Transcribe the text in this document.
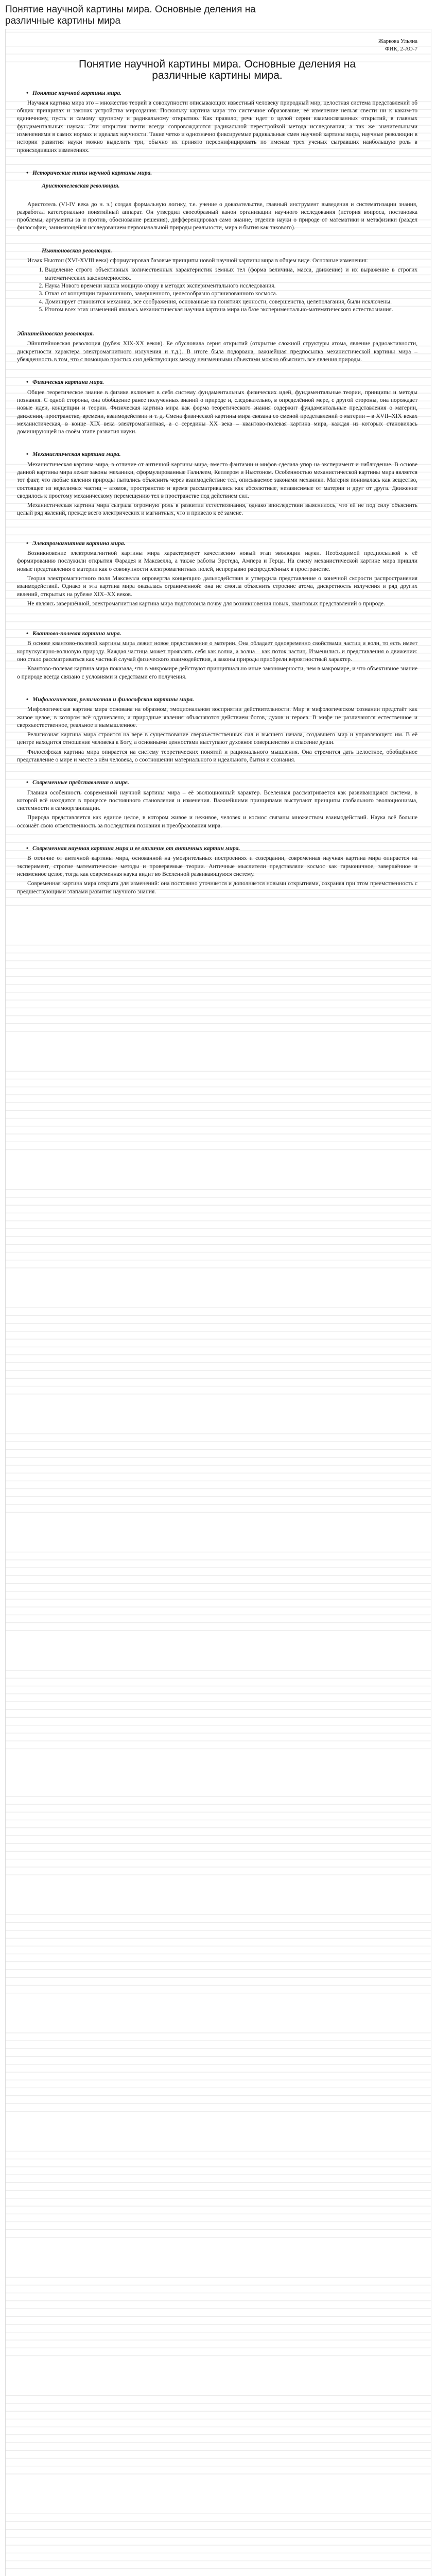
Понятие научной картины мира. Основные деления на различные картины мира
Жаркова Ульяна
ФИК, 2-АО-7
Понятие научной картины мира. Основные деления на различные картины мира.
• Понятие научной картины мира.

Научная картина мира это – множество теорий в совокупности описывающих известный человеку природный мир, целостная система представлений об общих принципах и законах устройства мироздания. Поскольку картина мира это системное образование, её изменение нельзя свести ни к каким-то единичному, пусть и самому крупному и радикальному открытию. Как правило, речь идет о целой серии взаимосвязанных открытий, в главных фундаментальных науках. Эти открытия почти всегда сопровождаются радикальной перестройкой метода исследования, а так же значительными изменениями в самих нормах и идеалах научности. Такие четко и однозначно фиксируемые радикальные смен научной картины мира, научные революции в истории развития науки можно выделить три, обычно их принято персонифицировать по именам трех ученых сыгравших наибольшую роль в происходивших изменениях.

• Исторические типы научной картины мира.
Аристотелевская революция.

Аристотель (VI-IV века до н. э.) создал формальную логику, т.е. учение о доказательстве, главный инструмент выведения и систематизации знания, разработал категориально понятийный аппарат. Он утвердил своеобразный канон организации научного исследования (история вопроса, постановка проблемы, аргументы за и против, обоснование решения), дифференцировал само знание, отделив науки о природе от математики и метафизики (раздел философии, занимающейся исследованием первоначальной природы реальности, мира и бытия как такового).

Ньютоновская революция.

Исаак Ньютон (XVI-XVIII века) сформулировал базовые принципы новой научной картины мира в общем виде. Основные изменения:

1. Выделение строго объективных количественных характеристик земных тел (форма величина, масса, движение) и их выражение в строгих математических закономерностях.
2. Наука Нового времени нашла мощную опору в методах экспериментального исследования.
3. Отказ от концепции гармоничного, завершенного, целесообразно организованного космоса.
4. Доминирует становится механика, все соображения, основанные на понятиях ценности, совершенства, целеполагания, были исключены.
5. Итогом всех этих изменений явилась механистическая научная картина мира на базе экспериментально-математического естествознания.
Эйнштейновская революция.

Эйнштейновская революция (рубеж XIX-XX веков). Ее обусловила серия открытий (открытие сложной структуры атома, явление радиоактивности, дискретности характера электромагнитного излучения и т.д.). В итоге была подорвана, важнейшая предпосылка механистической картины мира – убежденность в том, что с помощью простых сил действующих между неизменными объектами можно объяснить все явления природы.

• Физическая картина мира.

Общее теоретическое знание в физике включает в себя систему фундаментальных физических идей, фундаментальные теории, принципы и методы познания. С одной стороны, она обобщение ранее полученных знаний о природе и, следовательно, в определённой мере, с другой стороны, она порождает новые идеи, концепции и теории. Физическая картина мира как форма теоретического знания содержит фундаментальные представления о материи, движении, пространстве, времени, взаимодействии и т. д. Смена физической картины мира связана со сменой представлений о материи – в XVII–XIX веках механистическая, в конце XIX века электромагнитная, а с середины XX века – квантово-полевая картина мира, каждая из которых становилась доминирующей на своём этапе развития науки.

• Механистическая картина мира.

Механистическая картина мира, в отличие от античной картины мира, вместо фантазии и мифов сделала упор на эксперимент и наблюдение. В основе данной картины мира лежат законы механики, сформулированные Галилеем, Кеплером и Ньютоном. Особенностью механистической картины мира является тот факт, что любые явления природы пытались объяснить через взаимодействие тел, описываемое законами механики. Материя понималась как вещество, состоящее из неделимых частиц – атомов, пространство и время рассматривались как абсолютные, независимые от материи и друг от друга. Движение сводилось к простому механическому перемещению тел в пространстве под действием сил.

Механистическая картина мира сыграла огромную роль в развитии естествознания, однако впоследствии выяснилось, что ей не под силу объяснить целый ряд явлений, прежде всего электрических и магнитных, что и привело к её замене.

• Электромагнитная картина мира.

Возникновение электромагнитной картины мира характеризует качественно новый этап эволюции науки. Необходимой предпосылкой к её формированию послужили открытия Фарадея и Максвелла, а также работы Эрстеда, Ампера и Герца. На смену механистической картине мира пришли новые представления о материи как о совокупности электромагнитных полей, непрерывно распределённых в пространстве.

Теория электромагнитного поля Максвелла опровергла концепцию дальнодействия и утвердила представление о конечной скорости распространения взаимодействий. Однако и эта картина мира оказалась ограниченной: она не смогла объяснить строение атома, дискретность излучения и ряд других явлений, открытых на рубеже XIX–XX веков.

Не являясь завершённой, электромагнитная картина мира подготовила почву для возникновения новых, квантовых представлений о природе.

• Квантово-полевая картина мира.

В основе квантово-полевой картины мира лежит новое представление о материи. Она обладает одновременно свойствами частиц и волн, то есть имеет корпускулярно-волновую природу. Каждая частица может проявлять себя как волна, а волна – как поток частиц. Изменились и представления о движении: оно стало рассматриваться как частный случай физического взаимодействия, а законы природы приобрели вероятностный характер.

Квантово-полевая картина мира показала, что в микромире действуют принципиально иные закономерности, чем в макромире, и что объективное знание о природе всегда связано с условиями и средствами его получения.

• Мифологическая, религиозная и философская картины мира.

Мифологическая картина мира основана на образном, эмоциональном восприятии действительности. Мир в мифологическом сознании предстаёт как живое целое, в котором всё одушевлено, а природные явления объясняются действием богов, духов и героев. В мифе не различаются естественное и сверхъестественное, реальное и вымышленное.

Религиозная картина мира строится на вере в существование сверхъестественных сил и высшего начала, создавшего мир и управляющего им. В её центре находится отношение человека к Богу, а основными ценностями выступают духовное совершенство и спасение души.

Философская картина мира опирается на систему теоретических понятий и рационального мышления. Она стремится дать целостное, обобщённое представление о мире и месте в нём человека, о соотношении материального и идеального, бытия и сознания.

• Современные представления о мире.

Главная особенность современной научной картины мира – её эволюционный характер. Вселенная рассматривается как развивающаяся система, в которой всё находится в процессе постоянного становления и изменения. Важнейшими принципами выступают принципы глобального эволюционизма, системности и самоорганизации.

Природа представляется как единое целое, в котором живое и неживое, человек и космос связаны множеством взаимодействий. Наука всё больше осознаёт свою ответственность за последствия познания и преобразования мира.

• Современная научная картина мира и ее отличие от античных картин мира.

В отличие от античной картины мира, основанной на умозрительных построениях и созерцании, современная научная картина мира опирается на эксперимент, строгие математические методы и проверяемые теории. Античные мыслители представляли космос как гармоничное, завершённое и неизменное целое, тогда как современная наука видит во Вселенной развивающуюся систему.

Современная картина мира открыта для изменений: она постоянно уточняется и дополняется новыми открытиями, сохраняя при этом преемственность с предшествующими этапами развития научного знания.
